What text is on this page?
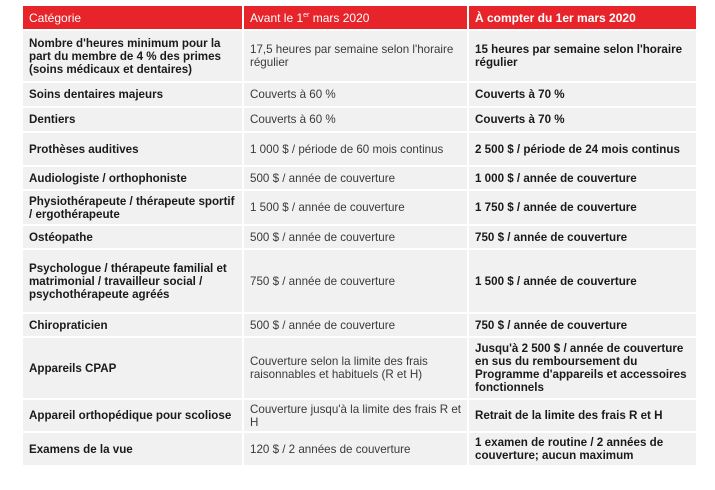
Catégorie	Avant le 1er mars 2020	À compter du 1er mars 2020
Nombre d'heures minimum pour la part du membre de 4 % des primes (soins médicaux et dentaires)	17,5 heures par semaine selon l'horaire régulier	15 heures par semaine selon l'horaire régulier
Soins dentaires majeurs	Couverts à 60 %	Couverts à 70 %
Dentiers	Couverts à 60 %	Couverts à 70 %
Prothèses auditives	1 000 $ / période de 60 mois continus	2 500 $ / période de 24 mois continus
Audiologiste / orthophoniste	500 $ / année de couverture	1 000 $ / année de couverture
Physiothérapeute / thérapeute sportif / ergothérapeute	1 500 $ / année de couverture	1 750 $ / année de couverture
Ostéopathe	500 $ / année de couverture	750 $ / année de couverture
Psychologue / thérapeute familial et matrimonial / travailleur social / psychothérapeute agréés	750 $ / année de couverture	1 500 $ / année de couverture
Chiropraticien	500 $ / année de couverture	750 $ / année de couverture
Appareils CPAP	Couverture selon la limite des frais raisonnables et habituels (R et H)	Jusqu'à 2 500 $ / année de couverture en sus du remboursement du Programme d'appareils et accessoires fonctionnels
Appareil orthopédique pour scoliose	Couverture jusqu'à la limite des frais R et H	Retrait de la limite des frais R et H
Examens de la vue	120 $ / 2 années de couverture	1 examen de routine / 2 années de couverture; aucun maximum
